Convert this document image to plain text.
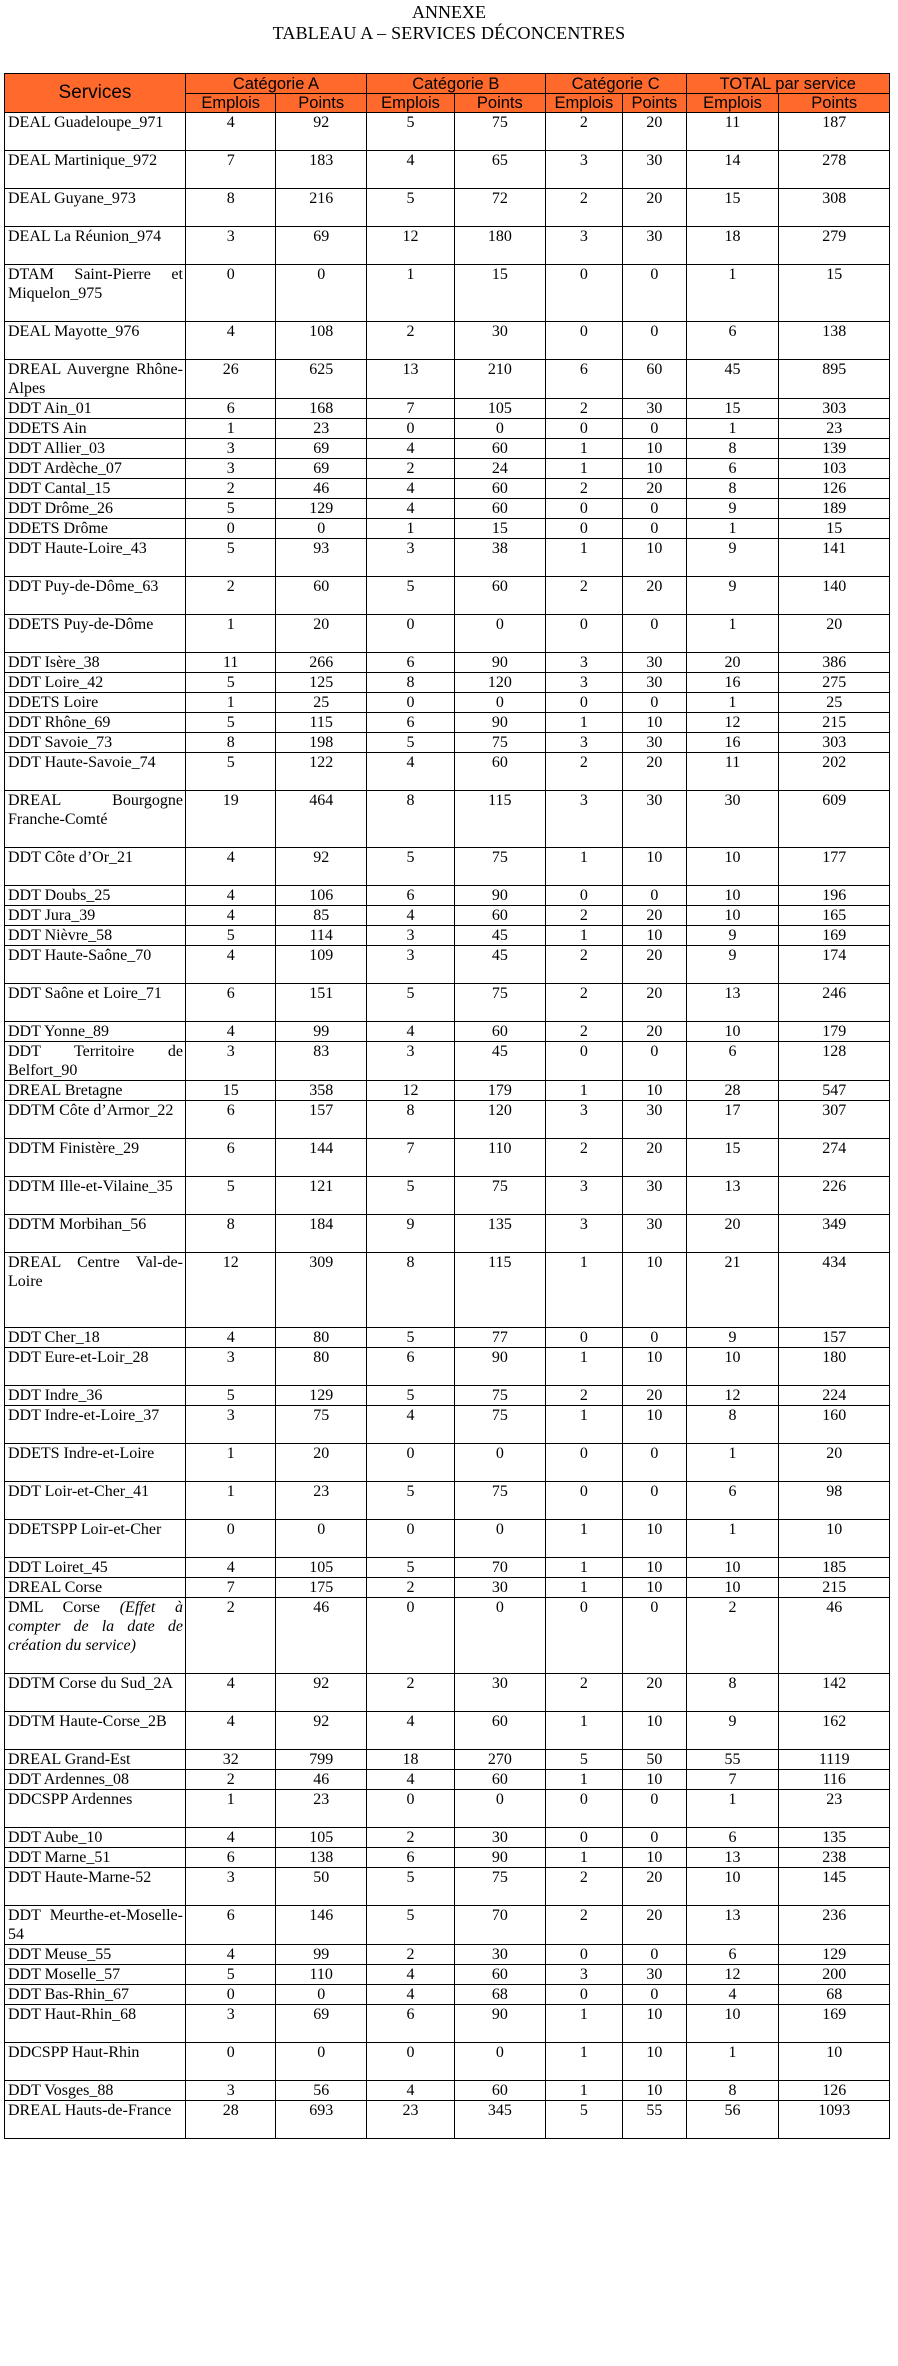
ANNEXE

TABLEAU A – SERVICES DÉCONCENTRES

Services	Catégorie A		Catégorie B		Catégorie C		TOTAL par service	
	Emplois	Points	Emplois	Points	Emplois	Points	Emplois	Points
DEAL Guadeloupe_971	4	92	5	75	2	20	11	187
DEAL Martinique_972	7	183	4	65	3	30	14	278
DEAL Guyane_973	8	216	5	72	2	20	15	308
DEAL La Réunion_974	3	69	12	180	3	30	18	279
DTAM Saint-Pierre et Miquelon_975	0	0	1	15	0	0	1	15
DEAL Mayotte_976	4	108	2	30	0	0	6	138
DREAL Auvergne Rhône-Alpes	26	625	13	210	6	60	45	895
DDT Ain_01	6	168	7	105	2	30	15	303
DDETS Ain	1	23	0	0	0	0	1	23
DDT Allier_03	3	69	4	60	1	10	8	139
DDT Ardèche_07	3	69	2	24	1	10	6	103
DDT Cantal_15	2	46	4	60	2	20	8	126
DDT Drôme_26	5	129	4	60	0	0	9	189
DDETS Drôme	0	0	1	15	0	0	1	15
DDT Haute-Loire_43	5	93	3	38	1	10	9	141
DDT Puy-de-Dôme_63	2	60	5	60	2	20	9	140
DDETS Puy-de-Dôme	1	20	0	0	0	0	1	20
DDT Isère_38	11	266	6	90	3	30	20	386
DDT Loire_42	5	125	8	120	3	30	16	275
DDETS Loire	1	25	0	0	0	0	1	25
DDT Rhône_69	5	115	6	90	1	10	12	215
DDT Savoie_73	8	198	5	75	3	30	16	303
DDT Haute-Savoie_74	5	122	4	60	2	20	11	202
DREAL Bourgogne Franche-Comté	19	464	8	115	3	30	30	609
DDT Côte d’Or_21	4	92	5	75	1	10	10	177
DDT Doubs_25	4	106	6	90	0	0	10	196
DDT Jura_39	4	85	4	60	2	20	10	165
DDT Nièvre_58	5	114	3	45	1	10	9	169
DDT Haute-Saône_70	4	109	3	45	2	20	9	174
DDT Saône et Loire_71	6	151	5	75	2	20	13	246
DDT Yonne_89	4	99	4	60	2	20	10	179
DDT Territoire de Belfort_90	3	83	3	45	0	0	6	128
DREAL Bretagne	15	358	12	179	1	10	28	547
DDTM Côte d’Armor_22	6	157	8	120	3	30	17	307
DDTM Finistère_29	6	144	7	110	2	20	15	274
DDTM Ille-et-Vilaine_35	5	121	5	75	3	30	13	226
DDTM Morbihan_56	8	184	9	135	3	30	20	349
DREAL Centre Val-de-Loire	12	309	8	115	1	10	21	434
DDT Cher_18	4	80	5	77	0	0	9	157
DDT Eure-et-Loir_28	3	80	6	90	1	10	10	180
DDT Indre_36	5	129	5	75	2	20	12	224
DDT Indre-et-Loire_37	3	75	4	75	1	10	8	160
DDETS Indre-et-Loire	1	20	0	0	0	0	1	20
DDT Loir-et-Cher_41	1	23	5	75	0	0	6	98
DDETSPP Loir-et-Cher	0	0	0	0	1	10	1	10
DDT Loiret_45	4	105	5	70	1	10	10	185
DREAL Corse	7	175	2	30	1	10	10	215
DML Corse (Effet à compter de la date de création du service)	2	46	0	0	0	0	2	46
DDTM Corse du Sud_2A	4	92	2	30	2	20	8	142
DDTM Haute-Corse_2B	4	92	4	60	1	10	9	162
DREAL Grand-Est	32	799	18	270	5	50	55	1119
DDT Ardennes_08	2	46	4	60	1	10	7	116
DDCSPP Ardennes	1	23	0	0	0	0	1	23
DDT Aube_10	4	105	2	30	0	0	6	135
DDT Marne_51	6	138	6	90	1	10	13	238
DDT Haute-Marne-52	3	50	5	75	2	20	10	145
DDT Meurthe-et-Moselle-54	6	146	5	70	2	20	13	236
DDT Meuse_55	4	99	2	30	0	0	6	129
DDT Moselle_57	5	110	4	60	3	30	12	200
DDT Bas-Rhin_67	0	0	4	68	0	0	4	68
DDT Haut-Rhin_68	3	69	6	90	1	10	10	169
DDCSPP Haut-Rhin	0	0	0	0	1	10	1	10
DDT Vosges_88	3	56	4	60	1	10	8	126
DREAL Hauts-de-France	28	693	23	345	5	55	56	1093
